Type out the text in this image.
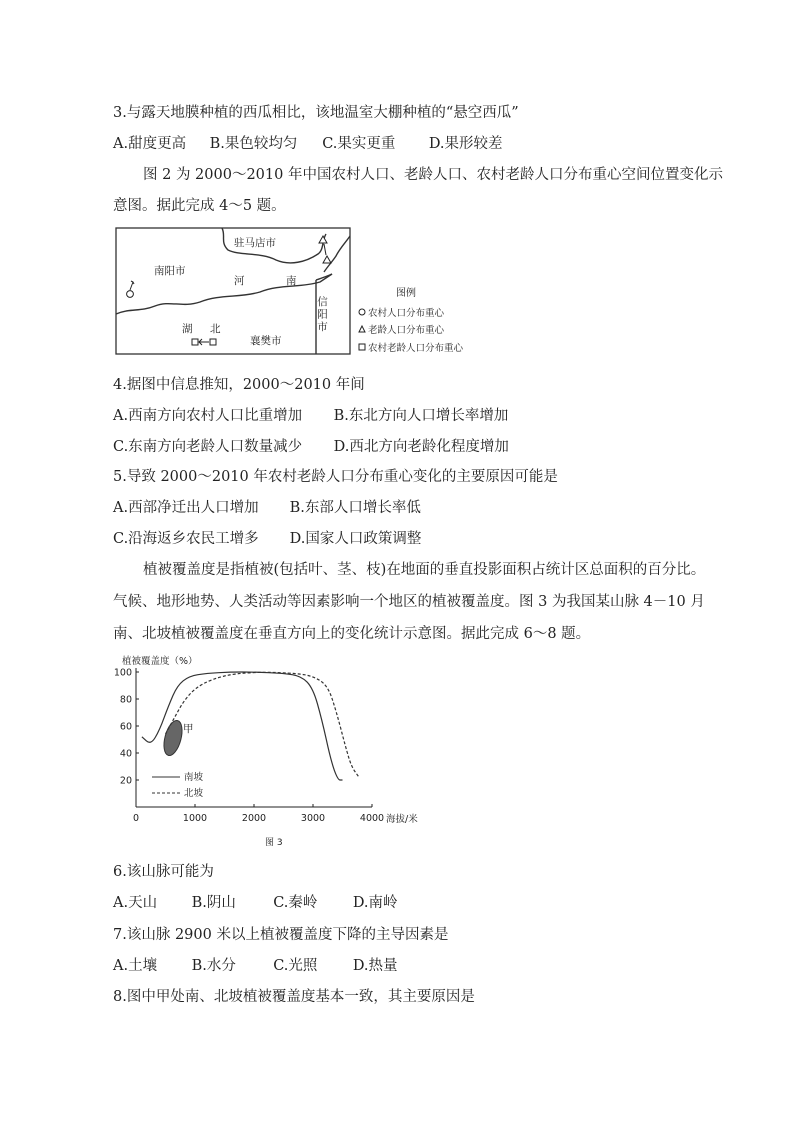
3.与露天地膜种植的西瓜相比，该地温室大棚种植的“悬空西瓜”
A.甜度更高 B.果色较均匀 C.果实更重 D.果形较差
图 2 为 2000～2010 年中国农村人口、老龄人口、农村老龄人口分布重心空间位置变化示
意图。据此完成 4～5 题。
驻马店市
南阳市
河	南
湖 北
襄樊市
信阳市
图例
农村人口分布重心
老龄人口分布重心
农村老龄人口分布重心
4.据图中信息推知，2000～2010 年间
A.西南方向农村人口比重增加 B.东北方向人口增长率增加
C.东南方向老龄人口数量减少 D.西北方向老龄化程度增加
5.导致 2000～2010 年农村老龄人口分布重心变化的主要原因可能是
A.西部净迁出人口增加 B.东部人口增长率低
C.沿海返乡农民工增多 D.国家人口政策调整
植被覆盖度是指植被(包括叶、茎、枝)在地面的垂直投影面积占统计区总面积的百分比。
气候、地形地势、人类活动等因素影响一个地区的植被覆盖度。图 3 为我国某山脉 4－10 月
南、北坡植被覆盖度在垂直方向上的变化统计示意图。据此完成 6～8 题。
植被覆盖度（%）
20
40
60
80
100
0	1000	2000	3000	4000 海拔/米
甲
南坡
北坡
图 3
6.该山脉可能为
A.天山 B.阴山	C.秦岭 D.南岭
7.该山脉 2900 米以上植被覆盖度下降的主导因素是
A.土壤 B.水分	C.光照 D.热量
8.图中甲处南、北坡植被覆盖度基本一致，其主要原因是
